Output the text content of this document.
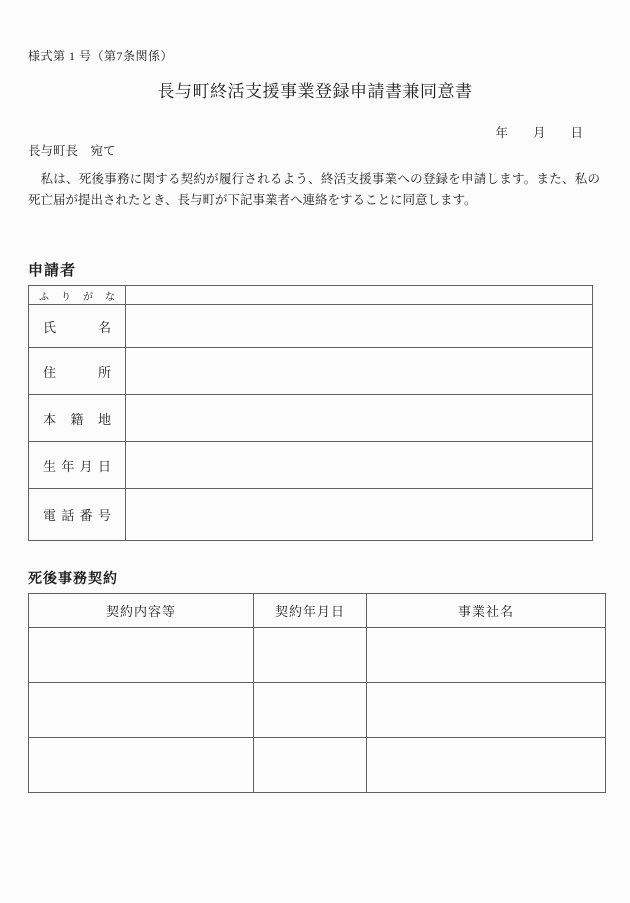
様式第 1 号（第7条関係）
長与町終活支援事業登録申請書兼同意書
年　　月　　日
長与町長　宛て
私は、死後事務に関する契約が履行されるよう、終活支援事業への登録を申請します。また、私の死亡届が提出されたとき、長与町が下記事業者へ連絡をすることに同意します。
申請者
ふりがな	
氏名	
住所	
本籍地	
生年月日	
電話番号	
死後事務契約
契約内容等	契約年月日	事業社名
